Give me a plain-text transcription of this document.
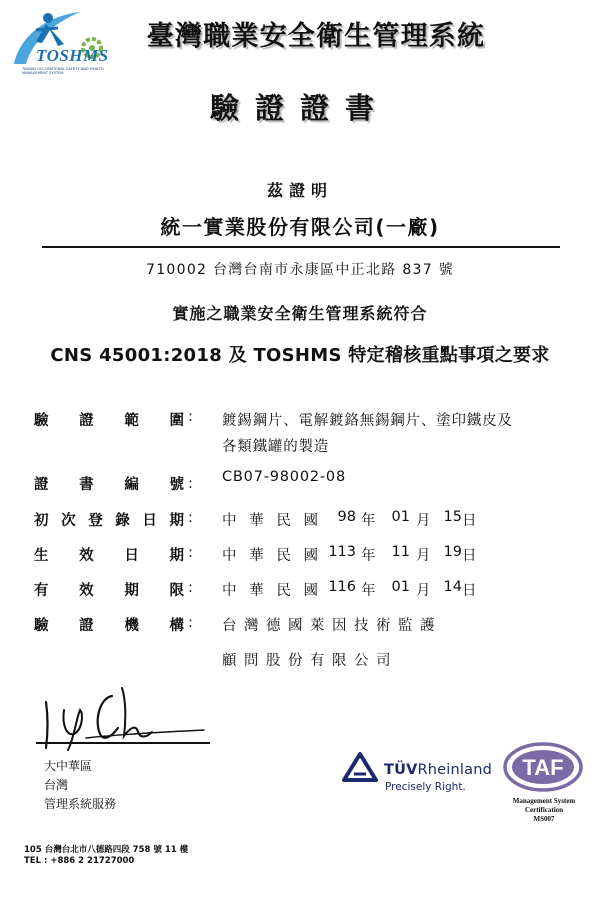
TOSHMS
TAIWAN OCCUPATIONAL SAFETY AND HEALTH MANAGEMENT SYSTEM
臺灣職業安全衛生管理系統
驗證證書
茲證明
統一實業股份有限公司(一廠)
710002 台灣台南市永康區中正北路 837 號
實施之職業安全衛生管理系統符合
CNS 45001:2018 及 TOSHMS 特定稽核重點事項之要求
驗證範圍 : 鍍錫鋼片、電解鍍鉻無錫鋼片、塗印鐵皮及
各類鐵罐的製造
證書編號 : CB07-98002-08
初次登錄日期 : 中華民國	98 年	01 月 15 日
生效日期 : 中華民國 113 年	11 月 19 日
有效期限 : 中華民國 116 年	01 月 14 日
驗證機構 : 台灣德國萊因技術監護
顧問股份有限公司
大中華區
台灣
管理系統服務
TÜVRheinland
Precisely Right.
TAF
Management System
Certification
MS007
105 台灣台北市八德路四段 758 號 11 樓
TEL : +886 2 21727000
